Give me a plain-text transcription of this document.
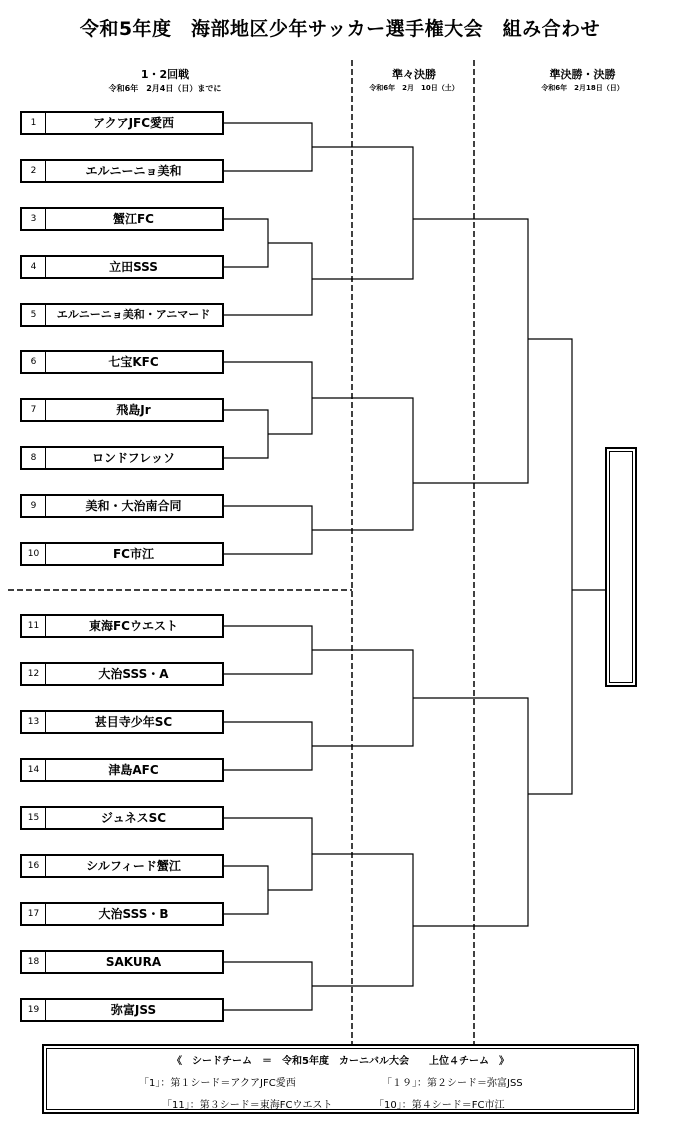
令和5年度　海部地区少年サッカー選手権大会　組み合わせ
1・2回戦
令和6年　2月4日（日）までに
準々決勝
令和6年　2月　10日（土）
準決勝・決勝
令和6年　2月18日（日）
1	アクアJFC愛西
2	エルニーニョ美和
3	蟹江FC
4	立田SSS
5	エルニーニョ美和・アニマード
6	七宝KFC
7	飛島Jr
8	ロンドフレッソ
9	美和・大治南合同
10	FC市江
11	東海FCウエスト
12	大治SSS・A
13	甚目寺少年SC
14	津島AFC
15	ジュネスSC
16	シルフィード蟹江
17	大治SSS・B
18	SAKURA
19	弥富JSS
《　シードチーム　＝　令和5年度　カーニバル大会　　上位４チーム　》
「1」：第１シード＝アクアJFC愛西	「１９」：第２シード＝弥富JSS
「11」：第３シード＝東海FCウエスト	「10」：第４シード＝FC市江
